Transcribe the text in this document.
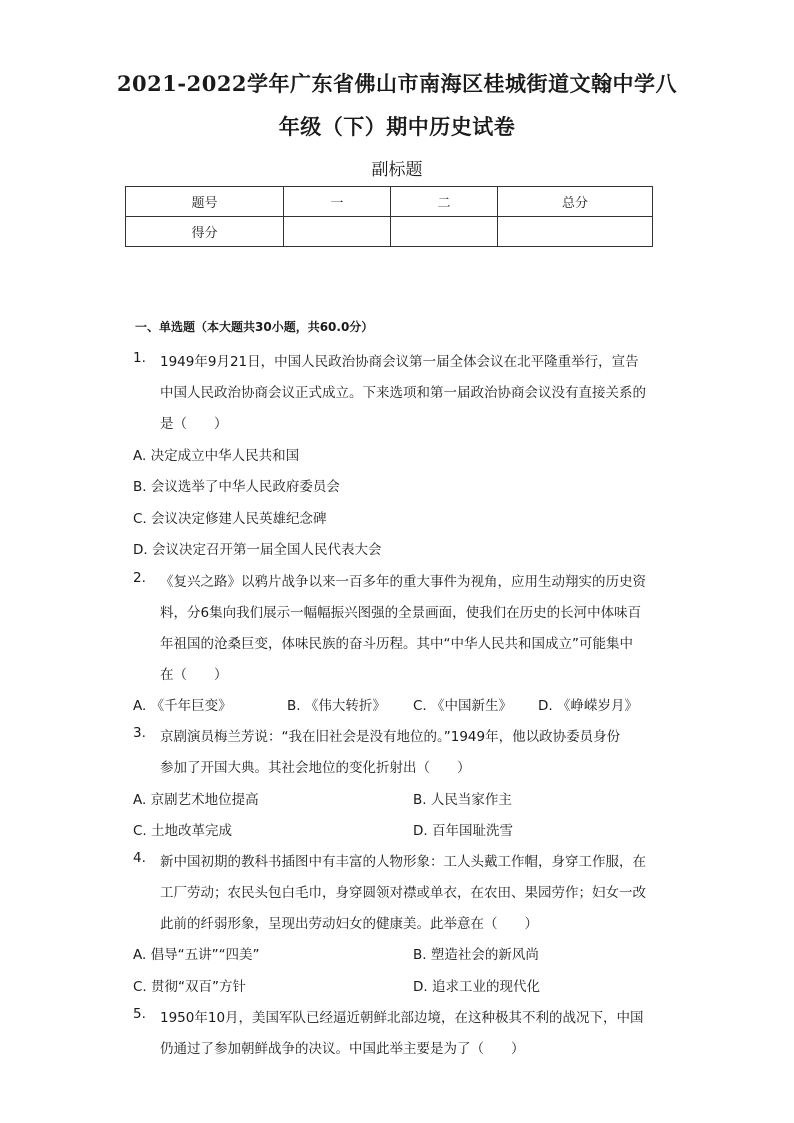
2021-2022学年广东省佛山市南海区桂城街道文翰中学八
年级（下）期中历史试卷
副标题
题号	一	二	总分
得分			
一、单选题（本大题共30小题，共60.0分）
1. 1949年9月21日，中国人民政治协商会议第一届全体会议在北平隆重举行，宣告
中国人民政治协商会议正式成立。下来选项和第一届政治协商会议没有直接关系的
是（　　）
A. 决定成立中华人民共和国
B. 会议选举了中华人民政府委员会
C. 会议决定修建人民英雄纪念碑
D. 会议决定召开第一届全国人民代表大会
2. 《复兴之路》以鸦片战争以来一百多年的重大事件为视角，应用生动翔实的历史资
料，分6集向我们展示一幅幅振兴图强的全景画面，使我们在历史的长河中体味百
年祖国的沧桑巨变，体味民族的奋斗历程。其中“中华人民共和国成立”可能集中
在（　　）
A. 《千年巨变》	B. 《伟大转折》 C. 《中国新生》 D. 《峥嵘岁月》
3. 京剧演员梅兰芳说：“我在旧社会是没有地位的。”1949年，他以政协委员身份
参加了开国大典。其社会地位的变化折射出（　　）
A. 京剧艺术地位提高	B. 人民当家作主
C. 土地改革完成	D. 百年国耻洗雪
4. 新中国初期的教科书插图中有丰富的人物形象：工人头戴工作帽，身穿工作服，在
工厂劳动；农民头包白毛巾，身穿圆领对襟或单衣，在农田、果园劳作；妇女一改
此前的纤弱形象，呈现出劳动妇女的健康美。此举意在（　　）
A. 倡导“五讲”“四美”	B. 塑造社会的新风尚
C. 贯彻“双百”方针	D. 追求工业的现代化
5. 1950年10月，美国军队已经逼近朝鲜北部边境，在这种极其不利的战况下，中国
仍通过了参加朝鲜战争的决议。中国此举主要是为了（　　）
